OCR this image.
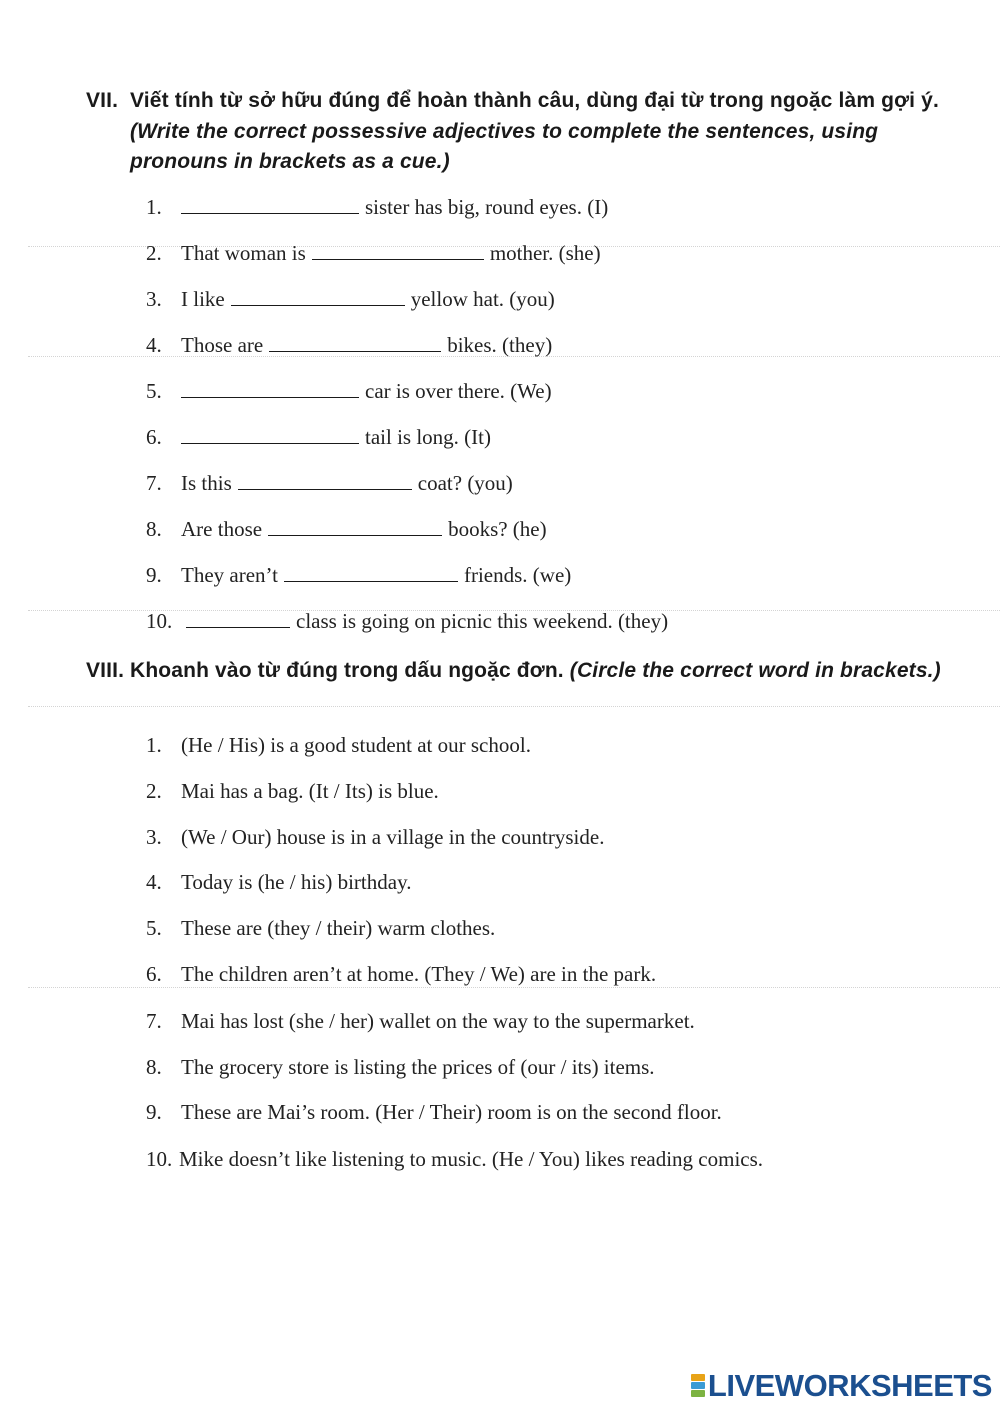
VII. Viết tính từ sở hữu đúng để hoàn thành câu, dùng đại từ trong ngoặc làm gợi ý. (Write the correct possessive adjectives to complete the sentences, using pronouns in brackets as a cue.)
1.	sister has big, round eyes. (I)
2. That woman is	mother. (she)
3. I like	yellow hat. (you)
4. Those are	bikes. (they)
5.	car is over there. (We)
6.	tail is long. (It)
7. Is this	coat? (you)
8. Are those	books? (he)
9. They aren’t	friends. (we)
10.	class is going on picnic this weekend. (they)
VIII. Khoanh vào từ đúng trong dấu ngoặc đơn. (Circle the correct word in brackets.)
1. (He / His) is a good student at our school.
2. Mai has a bag. (It / Its) is blue.
3. (We / Our) house is in a village in the countryside.
4. Today is (he / his) birthday.
5. These are (they / their) warm clothes.
6. The children aren’t at home. (They / We) are in the park.
7. Mai has lost (she / her) wallet on the way to the supermarket.
8. The grocery store is listing the prices of (our / its) items.
9. These are Mai’s room. (Her / Their) room is on the second floor.
10. Mike doesn’t like listening to music. (He / You) likes reading comics.
LIVEWORKSHEETS
